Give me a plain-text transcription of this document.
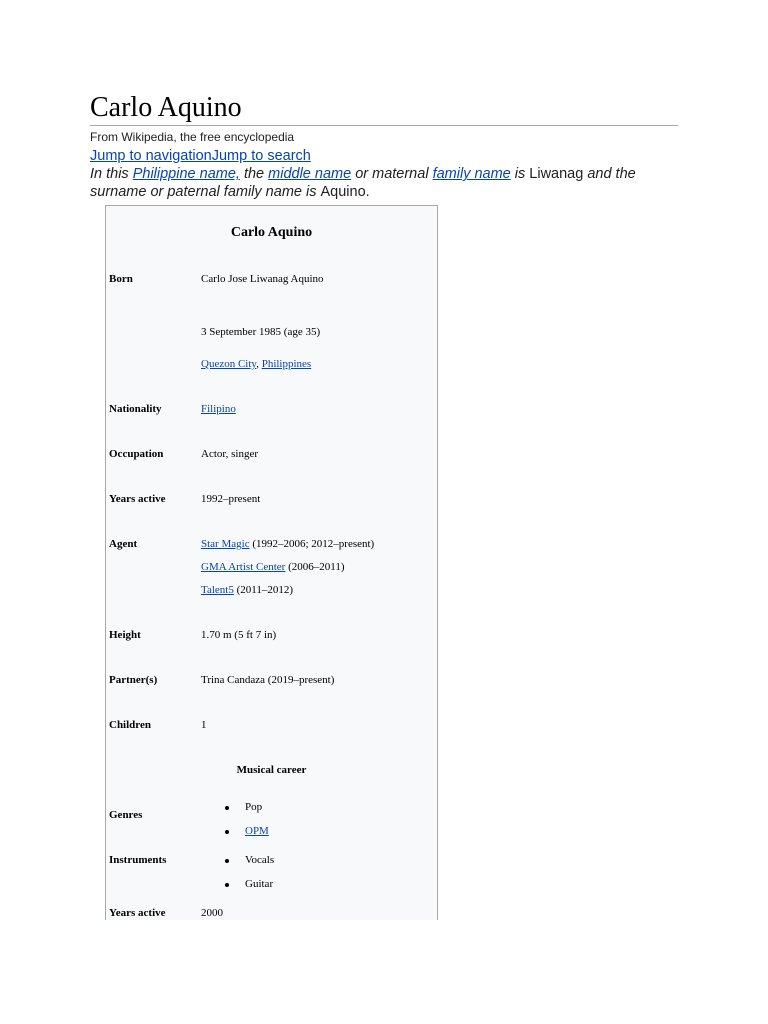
Carlo Aquino
From Wikipedia, the free encyclopedia
Jump to navigationJump to search
In this Philippine name, the middle name or maternal family name is Liwanag and the surname or paternal family name is Aquino.
Carlo Aquino
Born	Carlo Jose Liwanag Aquino
3 September 1985 (age 35)
Quezon City, Philippines
Nationality	Filipino
Occupation	Actor, singer
Years active	1992–present
Agent	Star Magic (1992–2006; 2012–present)
GMA Artist Center (2006–2011)
Talent5 (2011–2012)
Height	1.70 m (5 ft 7 in)
Partner(s)	Trina Candaza (2019–present)
Children	1
Musical career
Genres
Pop
OPM
Instruments	Vocals
Guitar
Years active	2000
